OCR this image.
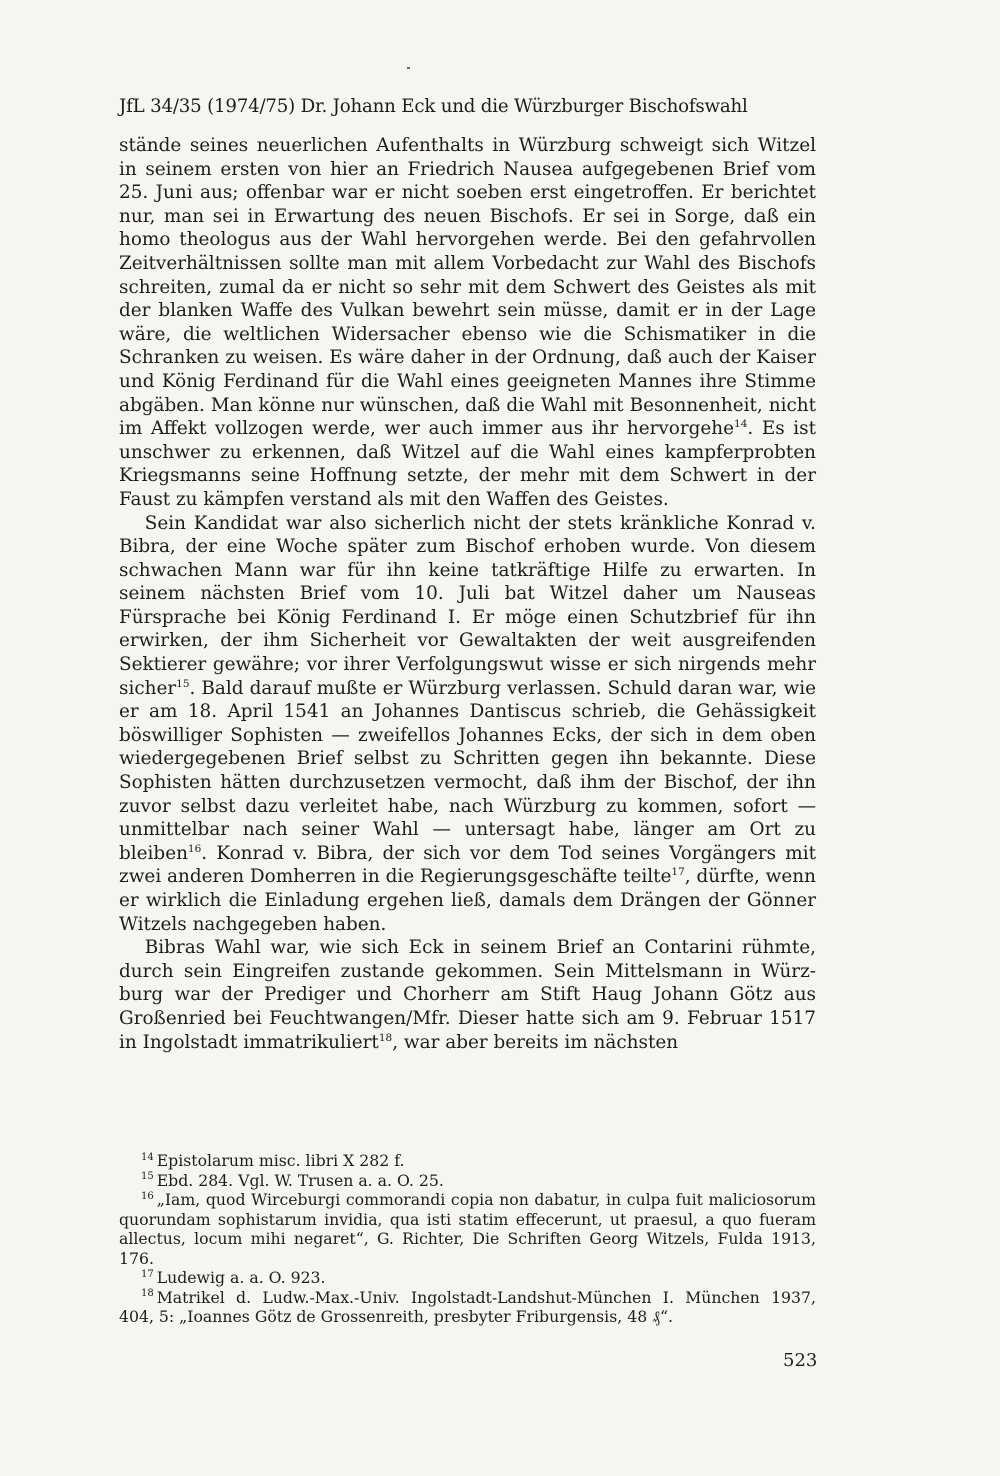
JfL 34/35 (1974/75) Dr. Johann Eck und die Würzburger Bischofswahl

stände seines neuerlichen Aufenthalts in Würzburg schweigt sich Witzel in seinem ersten von hier an Friedrich Nausea aufgegebenen Brief vom 25. Juni aus; offenbar war er nicht soeben erst eingetroffen. Er berichtet nur, man sei in Erwartung des neuen Bischofs. Er sei in Sorge, daß ein homo theologus aus der Wahl hervorgehen werde. Bei den gefahrvollen Zeitverhältnissen sollte man mit allem Vorbedacht zur Wahl des Bischofs schreiten, zumal da er nicht so sehr mit dem Schwert des Geistes als mit der blanken Waffe des Vulkan bewehrt sein müsse, damit er in der Lage wäre, die weltlichen Widersacher ebenso wie die Schismatiker in die Schranken zu weisen. Es wäre daher in der Ordnung, daß auch der Kaiser und König Ferdinand für die Wahl eines geeigneten Mannes ihre Stimme abgäben. Man könne nur wünschen, daß die Wahl mit Besonnenheit, nicht im Affekt vollzogen werde, wer auch immer aus ihr hervorgehe$^{14}$. Es ist unschwer zu erkennen, daß Witzel auf die Wahl eines kampferprobten Kriegsmanns seine Hoffnung setzte, der mehr mit dem Schwert in der Faust zu kämpfen verstand als mit den Waffen des Geistes.

Sein Kandidat war also sicherlich nicht der stets kränkliche Konrad v. Bibra, der eine Woche später zum Bischof erhoben wurde. Von diesem schwachen Mann war für ihn keine tatkräftige Hilfe zu erwarten. In seinem nächsten Brief vom 10. Juli bat Witzel daher um Nauseas Fürsprache bei König Ferdinand I. Er möge einen Schutzbrief für ihn erwirken, der ihm Sicherheit vor Gewaltakten der weit ausgreifenden Sektierer gewähre; vor ihrer Verfolgungswut wisse er sich nirgends mehr sicher$^{15}$. Bald darauf mußte er Würzburg verlassen. Schuld daran war, wie er am 18. April 1541 an Johannes Dantiscus schrieb, die Gehässigkeit böswilliger Sophisten — zweifellos Johannes Ecks, der sich in dem oben wiedergegebenen Brief selbst zu Schritten gegen ihn bekannte. Diese Sophisten hätten durchzusetzen vermocht, daß ihm der Bischof, der ihn zuvor selbst dazu verleitet habe, nach Würzburg zu kommen, sofort — unmittelbar nach seiner Wahl — untersagt habe, länger am Ort zu bleiben$^{16}$. Konrad v. Bibra, der sich vor dem Tod seines Vorgängers mit zwei anderen Domherren in die Regierungsgeschäfte teilte$^{17}$, dürfte, wenn er wirklich die Einladung ergehen ließ, damals dem Drängen der Gönner Witzels nachgegeben haben.

Bibras Wahl war, wie sich Eck in seinem Brief an Contarini rühmte, durch sein Eingreifen zustande gekommen. Sein Mittelsmann in Würzburg war der Prediger und Chorherr am Stift Haug Johann Götz aus Großenried bei Feuchtwangen/Mfr. Dieser hatte sich am 9. Februar 1517 in Ingolstadt immatrikuliert$^{18}$, war aber bereits im nächsten

$^{14}$ Epistolarum misc. libri X 282 f.
$^{15}$ Ebd. 284. Vgl. W. Trusen a. a. O. 25.
$^{16}$ „Iam, quod Wirceburgi commorandi copia non dabatur, in culpa fuit maliciosorum quorundam sophistarum invidia, qua isti statim effecerunt, ut praesul, a quo fueram allectus, locum mihi negaret“, G. Richter, Die Schriften Georg Witzels, Fulda 1913, 176.
$^{17}$ Ludewig a. a. O. 923.
$^{18}$ Matrikel d. Ludw.-Max.-Univ. Ingolstadt-Landshut-München I. München 1937, 404, 5: „Ioannes Götz de Grossenreith, presbyter Friburgensis, 48 ₰“.
523
